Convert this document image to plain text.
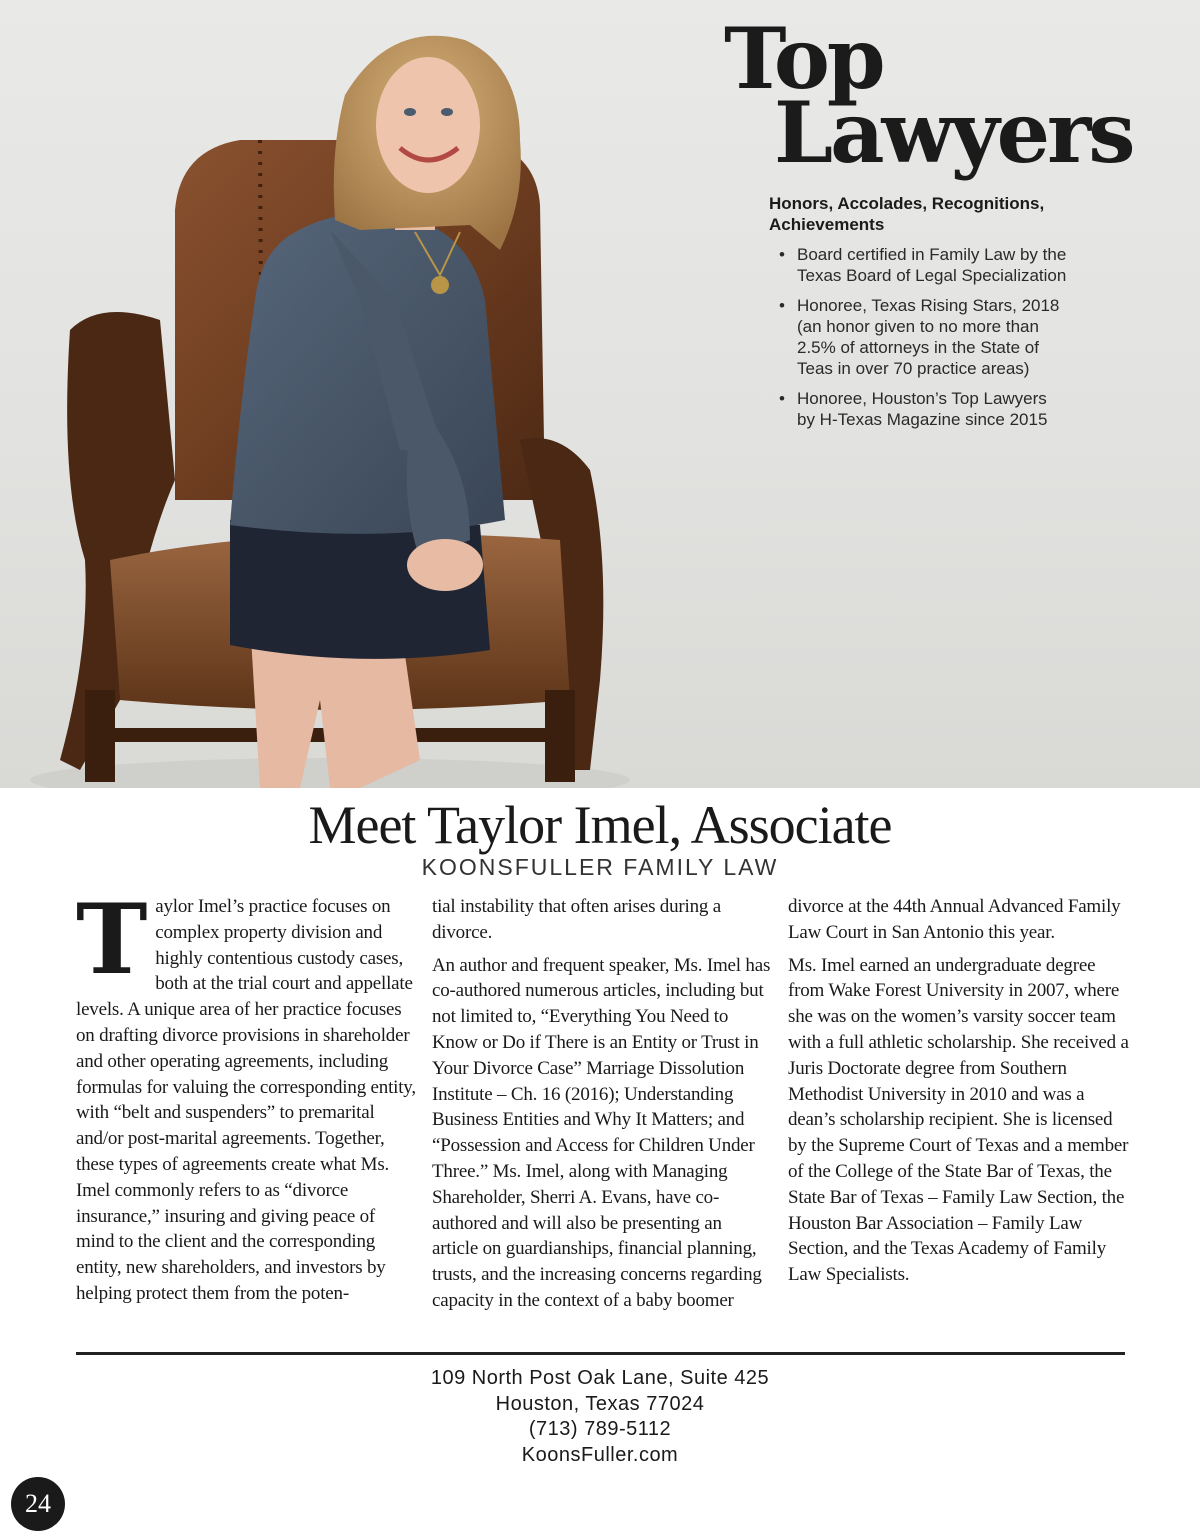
Top
Lawyers
Honors, Accolades, Recognitions, Achievements
• Board certified in Family Law by the Texas Board of Legal Specialization
• Honoree, Texas Rising Stars, 2018 (an honor given to no more than 2.5% of attorneys in the State of Teas in over 70 practice areas)
• Honoree, Houston’s Top Lawyers by H-Texas Magazine since 2015
Meet Taylor Imel, Associate
KOONSFULLER FAMILY LAW

Taylor Imel’s practice focuses on complex property division and highly contentious custody cases, both at the trial court and appellate levels. A unique area of her practice focuses on drafting divorce provisions in shareholder and other operating agreements, including formulas for valuing the corresponding entity, with “belt and suspenders” to premarital and/or post-marital agreements. Together, these types of agreements create what Ms. Imel commonly refers to as “divorce insurance,” insuring and giving peace of mind to the client and the corresponding entity, new shareholders, and investors by helping protect them from the poten-

tial instability that often arises during a divorce.

An author and frequent speaker, Ms. Imel has co-authored numerous articles, including but not limited to, “Everything You Need to Know or Do if There is an Entity or Trust in Your Divorce Case” Marriage Dissolution Institute – Ch. 16 (2016); Understanding Business Entities and Why It Matters; and “Possession and Access for Children Under Three.” Ms. Imel, along with Managing Shareholder, Sherri A. Evans, have co-authored and will also be presenting an article on guardianships, financial planning, trusts, and the increasing concerns regarding capacity in the context of a baby boomer

divorce at the 44th Annual Advanced Family Law Court in San Antonio this year.

Ms. Imel earned an undergraduate degree from Wake Forest University in 2007, where she was on the women’s varsity soccer team with a full athletic scholarship. She received a Juris Doctorate degree from Southern Methodist University in 2010 and was a dean’s scholarship recipient. She is licensed by the Supreme Court of Texas and a member of the College of the State Bar of Texas, the State Bar of Texas – Family Law Section, the Houston Bar Association – Family Law Section, and the Texas Academy of Family Law Specialists.

109 North Post Oak Lane, Suite 425
Houston, Texas 77024
(713) 789-5112
KoonsFuller.com
24
